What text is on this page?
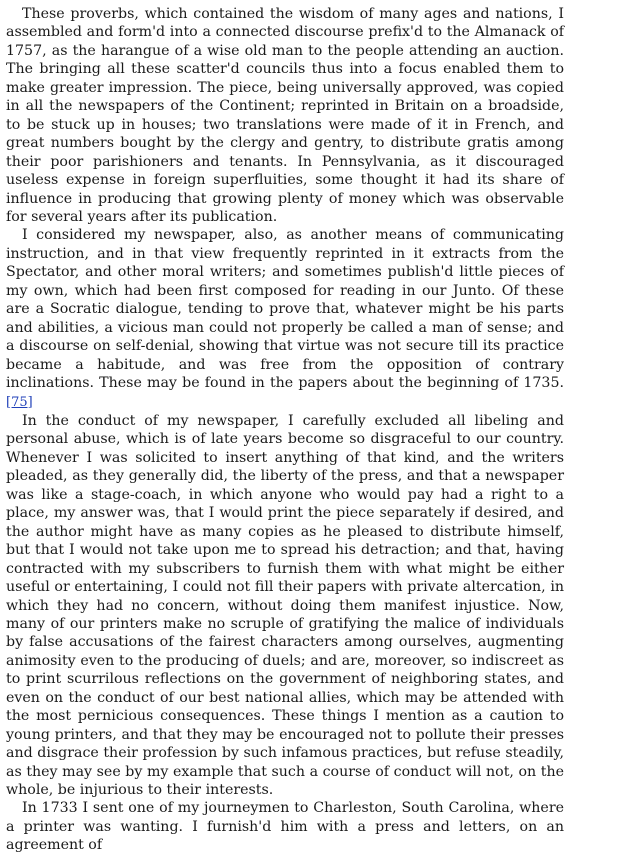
These proverbs, which contained the wisdom of many ages and nations, I assembled and form'd into a connected discourse prefix'd to the Almanack of 1757, as the harangue of a wise old man to the people attending an auction. The bringing all these scatter'd councils thus into a focus enabled them to make greater impression. The piece, being universally approved, was copied in all the newspapers of the Continent; reprinted in Britain on a broadside, to be stuck up in houses; two translations were made of it in French, and great numbers bought by the clergy and gentry, to distribute gratis among their poor parishioners and tenants. In Pennsylvania, as it discouraged useless expense in foreign superfluities, some thought it had its share of influence in producing that growing plenty of money which was observable for several years after its publication.

I considered my newspaper, also, as another means of communicating instruction, and in that view frequently reprinted in it extracts from the Spectator, and other moral writers; and sometimes publish'd little pieces of my own, which had been first composed for reading in our Junto. Of these are a Socratic dialogue, tending to prove that, whatever might be his parts and abilities, a vicious man could not properly be called a man of sense; and a discourse on self-denial, showing that virtue was not secure till its practice became a habitude, and was free from the opposition of contrary inclinations. These may be found in the papers about the beginning of 1735.[75]

In the conduct of my newspaper, I carefully excluded all libeling and personal abuse, which is of late years become so disgraceful to our country. Whenever I was solicited to insert anything of that kind, and the writers pleaded, as they generally did, the liberty of the press, and that a newspaper was like a stage-coach, in which anyone who would pay had a right to a place, my answer was, that I would print the piece separately if desired, and the author might have as many copies as he pleased to distribute himself, but that I would not take upon me to spread his detraction; and that, having contracted with my subscribers to furnish them with what might be either useful or entertaining, I could not fill their papers with private altercation, in which they had no concern, without doing them manifest injustice. Now, many of our printers make no scruple of gratifying the malice of individuals by false accusations of the fairest characters among ourselves, augmenting animosity even to the producing of duels; and are, moreover, so indiscreet as to print scurrilous reflections on the government of neighboring states, and even on the conduct of our best national allies, which may be attended with the most pernicious consequences. These things I mention as a caution to young printers, and that they may be encouraged not to pollute their presses and disgrace their profession by such infamous practices, but refuse steadily, as they may see by my example that such a course of conduct will not, on the whole, be injurious to their interests.

In 1733 I sent one of my journeymen to Charleston, South Carolina, where a printer was wanting. I furnish'd him with a press and letters, on an agreement of
